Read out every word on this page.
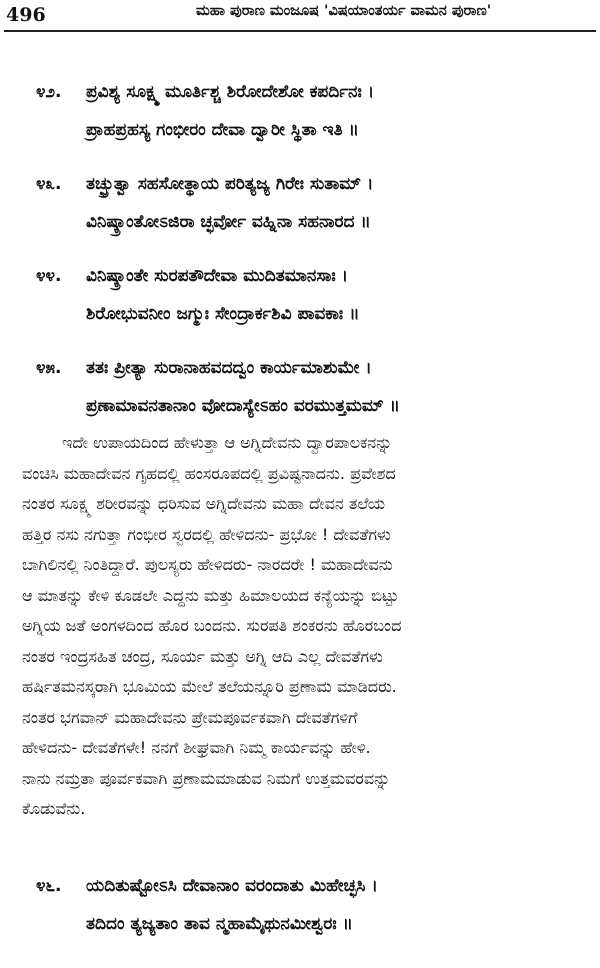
496	ಮಹಾ ಪುರಾಣ ಮಂಜೂಷ 'ವಿಷಯಾಂತರ್ಯ ವಾಮನ ಪುರಾಣ'
೪೨. ಪ್ರವಿಶ್ಯ ಸೂಕ್ಷ್ಮ ಮೂರ್ತಿಶ್ಚ ಶಿರೋದೇಶೋ ಕಪರ್ದಿನಃ ।
ಪ್ರಾಹಪ್ರಹಸ್ಯ ಗಂಭೀರಂ ದೇವಾ ದ್ವಾರೀ ಸ್ಥಿತಾ ಇತಿ ॥
೪೩. ತಚ್ಛ್ರುತ್ವಾ ಸಹಸೋತ್ಥಾಯ ಪರಿತ್ಯಜ್ಯ ಗಿರೇಃ ಸುತಾಮ್ ।
ವಿನಿಷ್ಕ್ರಾಂತೋಽಜಿರಾ ಚ್ಛರ್ವೋ ವಹ್ನಿನಾ ಸಹನಾರದ ॥
೪೪. ವಿನಿಷ್ಕ್ರಾಂತೇ ಸುರಪತೌದೇವಾ ಮುದಿತಮಾನಸಾಃ ।
ಶಿರೋಭುವನೀಂ ಜಗ್ಮುಃ ಸೇಂದ್ರಾರ್ಕಶಿವಿ ಪಾವಕಾಃ ॥
೪೫. ತತಃ ಪ್ರೀತ್ಯಾ ಸುರಾನಾಹವದದ್ವಂ ಕಾರ್ಯಮಾಶುಮೇ ।
ಪ್ರಣಾಮಾವನತಾನಾಂ ವೋದಾಸ್ಯೇಽಹಂ ವರಮುತ್ತಮಮ್ ॥
ಇದೇ ಉಪಾಯದಿಂದ ಹೇಳುತ್ತಾ ಆ ಅಗ್ನಿದೇವನು ದ್ವಾರಪಾಲಕನನ್ನು
ವಂಚಿಸಿ ಮಹಾದೇವನ ಗೃಹದಲ್ಲಿ ಹಂಸರೂಪದಲ್ಲಿ ಪ್ರವಿಷ್ಟನಾದನು. ಪ್ರವೇಶದ
ನಂತರ ಸೂಕ್ಷ್ಮ ಶರೀರವನ್ನು ಧರಿಸುವ ಅಗ್ನಿದೇವನು ಮಹಾ ದೇವನ ತಲೆಯ
ಹತ್ತಿರ ನಸು ನಗುತ್ತಾ ಗಂಭೀರ ಸ್ವರದಲ್ಲಿ ಹೇಳಿದನು- ಪ್ರಭೋ ! ದೇವತೆಗಳು
ಬಾಗಿಲಿನಲ್ಲಿ ನಿಂತಿದ್ದಾರೆ. ಪುಲಸ್ಯರು ಹೇಳಿದರು- ನಾರದರೇ ! ಮಹಾದೇವನು
ಆ ಮಾತನ್ನು ಕೇಳಿ ಕೂಡಲೇ ಎದ್ದನು ಮತ್ತು ಹಿಮಾಲಯದ ಕನ್ಯೆಯನ್ನು ಬಿಟ್ಟು
ಅಗ್ನಿಯ ಜತೆ ಅಂಗಳದಿಂದ ಹೊರ ಬಂದನು. ಸುರಪತಿ ಶಂಕರನು ಹೊರಬಂದ
ನಂತರ ಇಂದ್ರಸಹಿತ ಚಂದ್ರ, ಸೂರ್ಯ ಮತ್ತು ಅಗ್ನಿ ಆದಿ ಎಲ್ಲ ದೇವತೆಗಳು
ಹರ್ಷಿತಮನಸ್ಕರಾಗಿ ಭೂಮಿಯ ಮೇಲೆ ತಲೆಯನ್ನೂರಿ ಪ್ರಣಾಮ ಮಾಡಿದರು.
ನಂತರ ಭಗವಾನ್ ಮಹಾದೇವನು ಪ್ರೇಮಪೂರ್ವಕವಾಗಿ ದೇವತೆಗಳಿಗೆ
ಹೇಳಿದನು- ದೇವತೆಗಳೇ! ನನಗೆ ಶೀಘ್ರವಾಗಿ ನಿಮ್ಮ ಕಾರ್ಯವನ್ನು ಹೇಳಿ.
ನಾನು ನಮ್ರತಾ ಪೂರ್ವಕವಾಗಿ ಪ್ರಣಾಮಮಾಡುವ ನಿಮಗೆ ಉತ್ತಮವರವನ್ನು
ಕೊಡುವೆನು.
೪೬. ಯದಿತುಷ್ಟೋಽಸಿ ದೇವಾನಾಂ ವರಂದಾತು ಮಿಹೇಚ್ಛಸಿ ।
ತದಿದಂ ತ್ಯಜ್ಯತಾಂ ತಾವ ನ್ಮಹಾಮೈಥುನಮೀಶ್ವರಃ ॥
